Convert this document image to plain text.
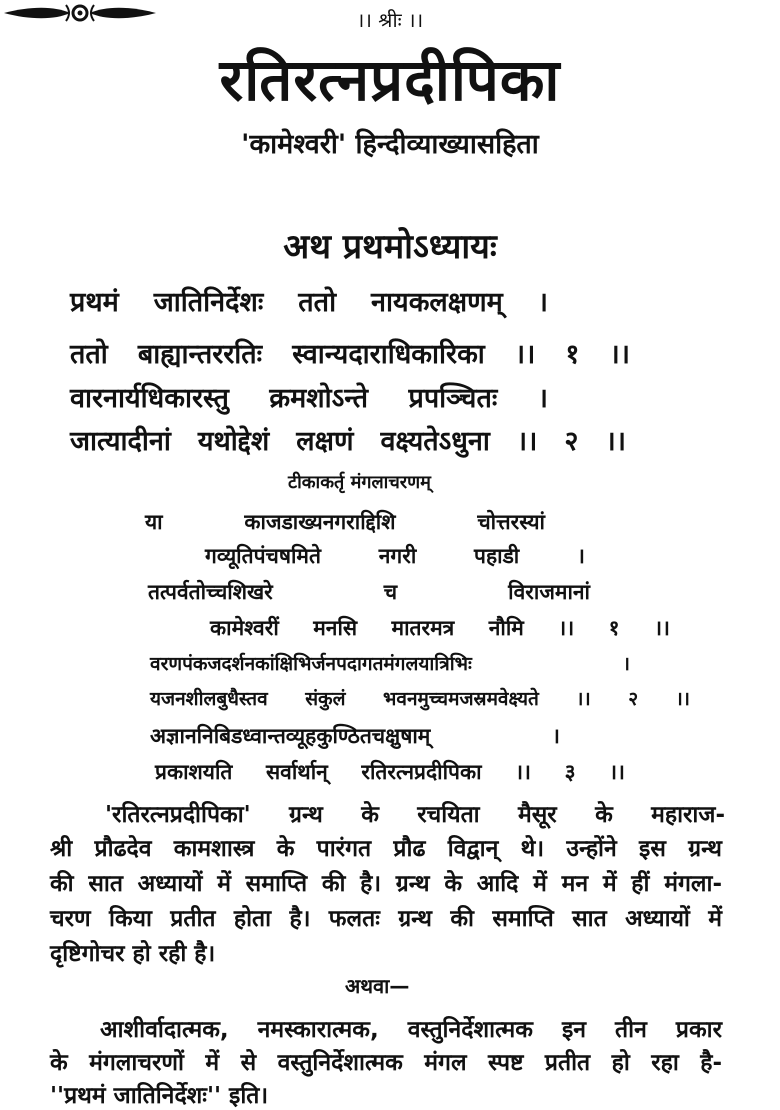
।। श्रीः ।।
रतिरत्नप्रदीपिका
'कामेश्वरी' हिन्दीव्याख्यासहिता
अथ प्रथमोऽध्यायः
प्रथमं जातिनिर्देशः ततो नायकलक्षणम् ।
ततो बाह्यान्तररतिः स्वान्यदाराधिकारिका ।। १ ।।
वारनार्यधिकारस्तु क्रमशोऽन्ते प्रपञ्चितः ।
जात्यादीनां यथोद्देशं लक्षणं वक्ष्यतेऽधुना ।। २ ।।
टीकाकर्तृ मंगलाचरणम्
या काजडाख्यनगराद्दिशि चोत्तरस्यां
गव्यूतिपंचषमिते नगरी पहाडी ।
तत्पर्वतोच्चशिखरे च विराजमानां
कामेश्वरीं मनसि मातरमत्र नौमि ।। १ ।।
वरणपंकजदर्शनकांक्षिभिर्जनपदागतमंगलयात्रिभिः ।
यजनशीलबुधैस्तव संकुलं भवनमुच्चमजस्रमवेक्ष्यते ।। २ ।।
अज्ञाननिबिडध्वान्तव्यूहकुण्ठितचक्षुषाम् ।
प्रकाशयति सर्वार्थान् रतिरत्नप्रदीपिका ।। ३ ।।
'रतिरत्नप्रदीपिका' ग्रन्थ के रचयिता मैसूर के महाराज-
श्री प्रौढदेव कामशास्त्र के पारंगत प्रौढ विद्वान् थे। उन्होंने इस ग्रन्थ
की सात अध्यायों में समाप्ति की है। ग्रन्थ के आदि में मन में हीं मंगला-
चरण किया प्रतीत होता है। फलतः ग्रन्थ की समाप्ति सात अध्यायों में
दृष्टिगोचर हो रही है।
अथवा—
आशीर्वादात्मक, नमस्कारात्मक, वस्तुनिर्देशात्मक इन तीन प्रकार
के मंगलाचरणों में से वस्तुनिर्देशात्मक मंगल स्पष्ट प्रतीत हो रहा है-
''प्रथमं जातिनिर्देशः'' इति।
